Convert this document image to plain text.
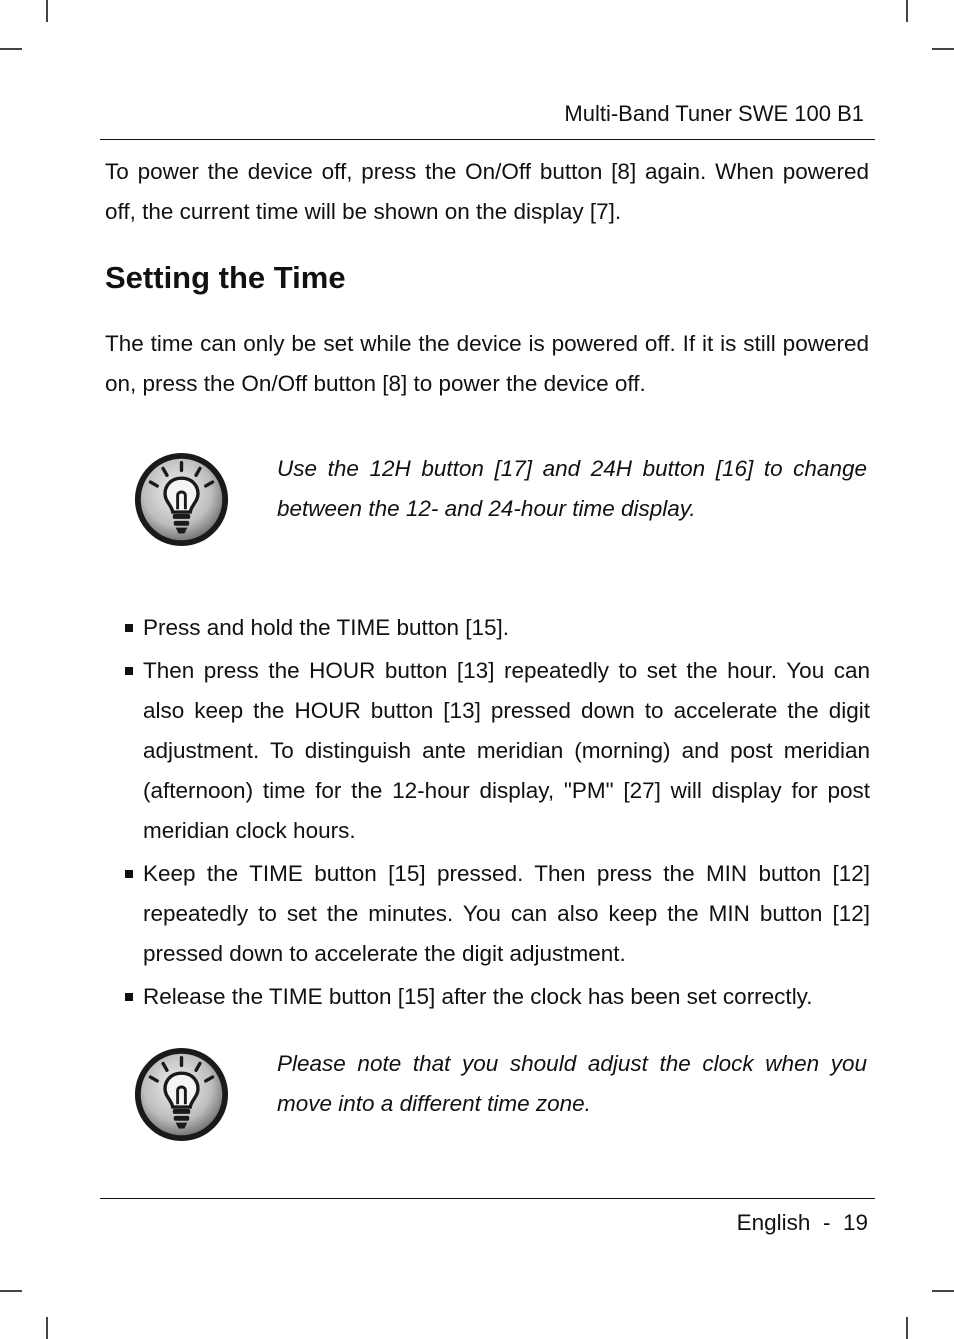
Multi-Band Tuner SWE 100 B1

To power the device off, press the On/Off button [8] again. When powered off, the current time will be shown on the display [7].

Setting the Time

The time can only be set while the device is powered off. If it is still powered on, press the On/Off button [8] to power the device off.

Use the 12H button [17] and 24H button [16] to change between the 12- and 24-hour time display.

Press and hold the TIME button [15].
Then press the HOUR button [13] repeatedly to set the hour. You can also keep the HOUR button [13] pressed down to accelerate the digit adjustment. To distinguish ante meridian (morning) and post meridian (afternoon) time for the 12-hour display, "PM" [27] will display for post meridian clock hours.
Keep the TIME button [15] pressed. Then press the MIN button [12] repeatedly to set the minutes. You can also keep the MIN button [12] pressed down to accelerate the digit adjustment.
Release the TIME button [15] after the clock has been set correctly.

Please note that you should adjust the clock when you move into a different time zone.

English - 19
